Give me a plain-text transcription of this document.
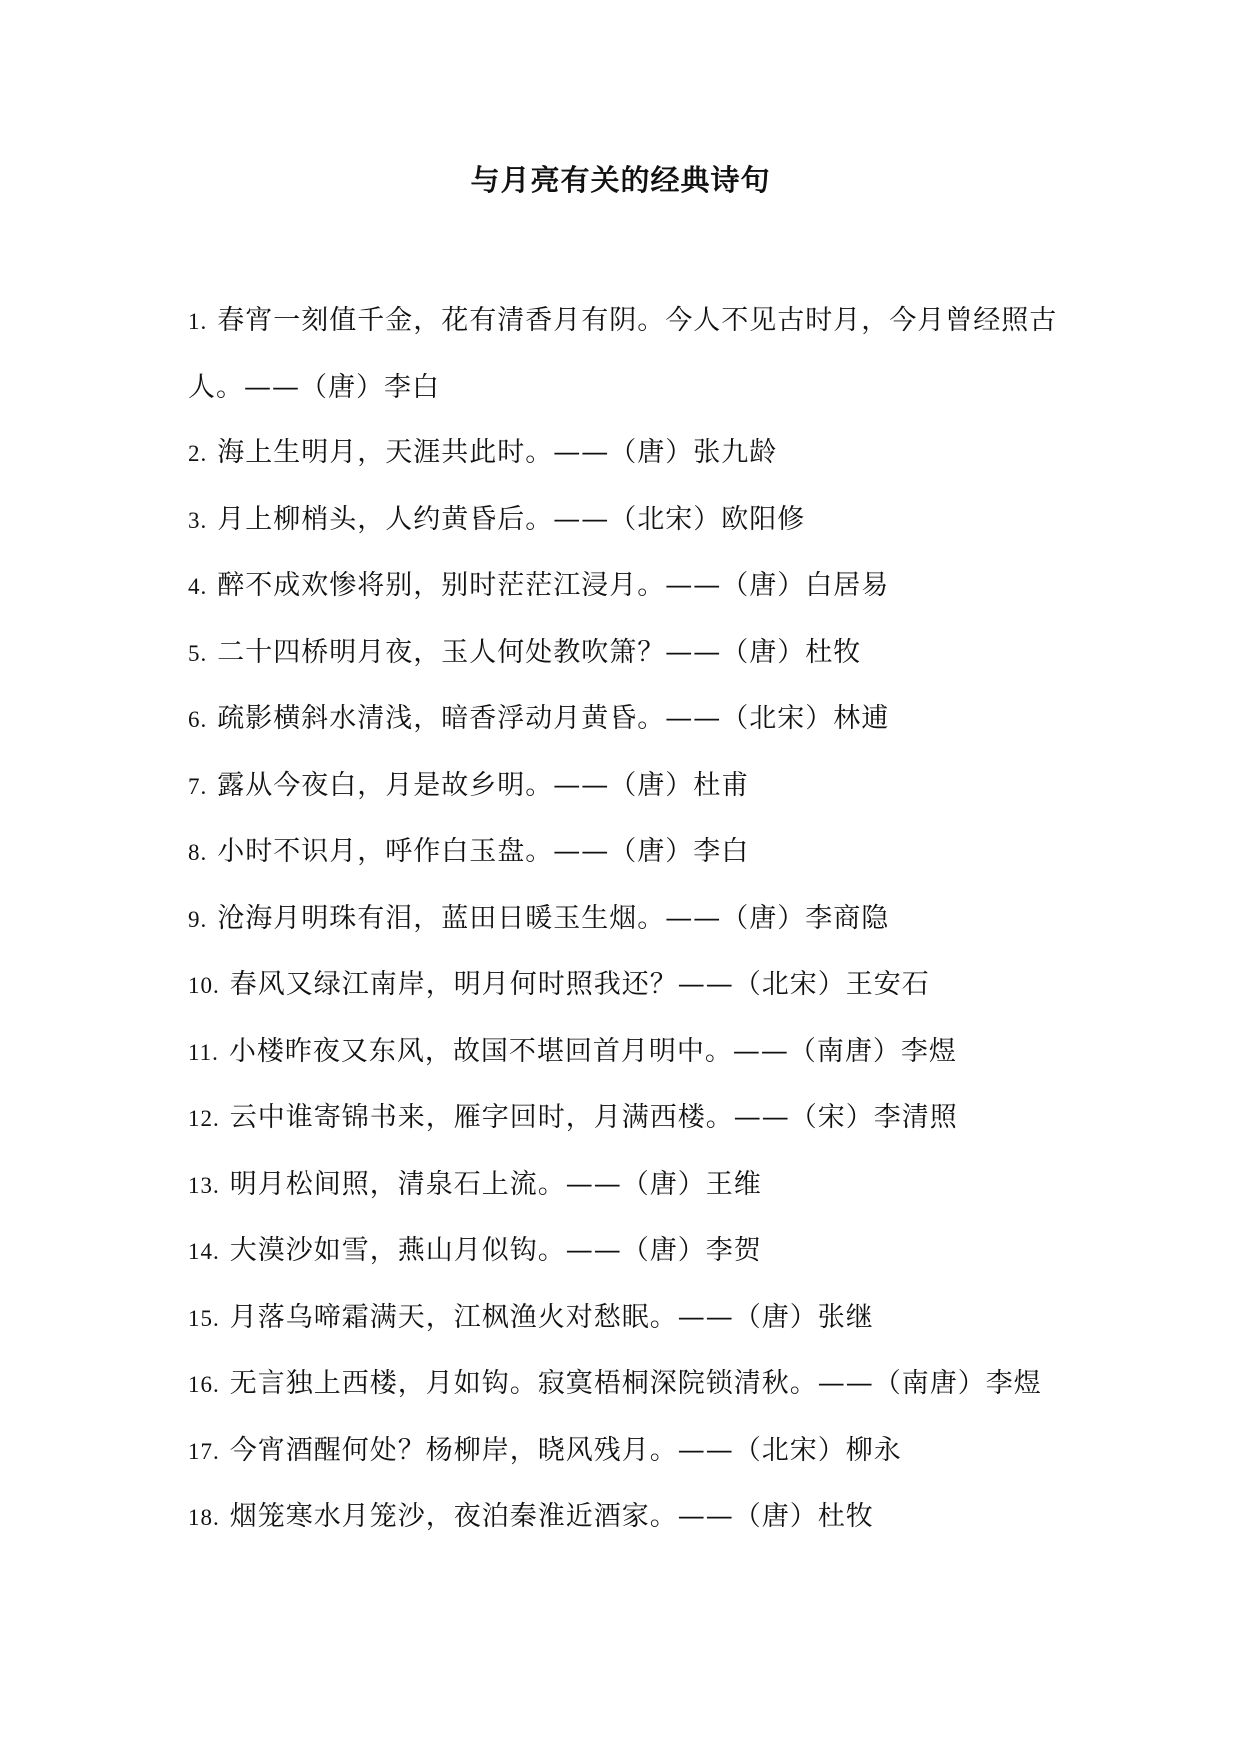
与月亮有关的经典诗句
1. 春宵一刻值千金，花有清香月有阴。今人不见古时月，今月曾经照古人。——（唐）李白
2. 海上生明月，天涯共此时。——（唐）张九龄
3. 月上柳梢头，人约黄昏后。——（北宋）欧阳修
4. 醉不成欢惨将别，别时茫茫江浸月。——（唐）白居易
5. 二十四桥明月夜，玉人何处教吹箫？——（唐）杜牧
6. 疏影横斜水清浅，暗香浮动月黄昏。——（北宋）林逋
7. 露从今夜白，月是故乡明。——（唐）杜甫
8. 小时不识月，呼作白玉盘。——（唐）李白
9. 沧海月明珠有泪，蓝田日暖玉生烟。——（唐）李商隐
10. 春风又绿江南岸，明月何时照我还？——（北宋）王安石
11. 小楼昨夜又东风，故国不堪回首月明中。——（南唐）李煜
12. 云中谁寄锦书来，雁字回时，月满西楼。——（宋）李清照
13. 明月松间照，清泉石上流。——（唐）王维
14. 大漠沙如雪，燕山月似钩。——（唐）李贺
15. 月落乌啼霜满天，江枫渔火对愁眠。——（唐）张继
16. 无言独上西楼，月如钩。寂寞梧桐深院锁清秋。——（南唐）李煜
17. 今宵酒醒何处？杨柳岸，晓风残月。——（北宋）柳永
18. 烟笼寒水月笼沙，夜泊秦淮近酒家。——（唐）杜牧
